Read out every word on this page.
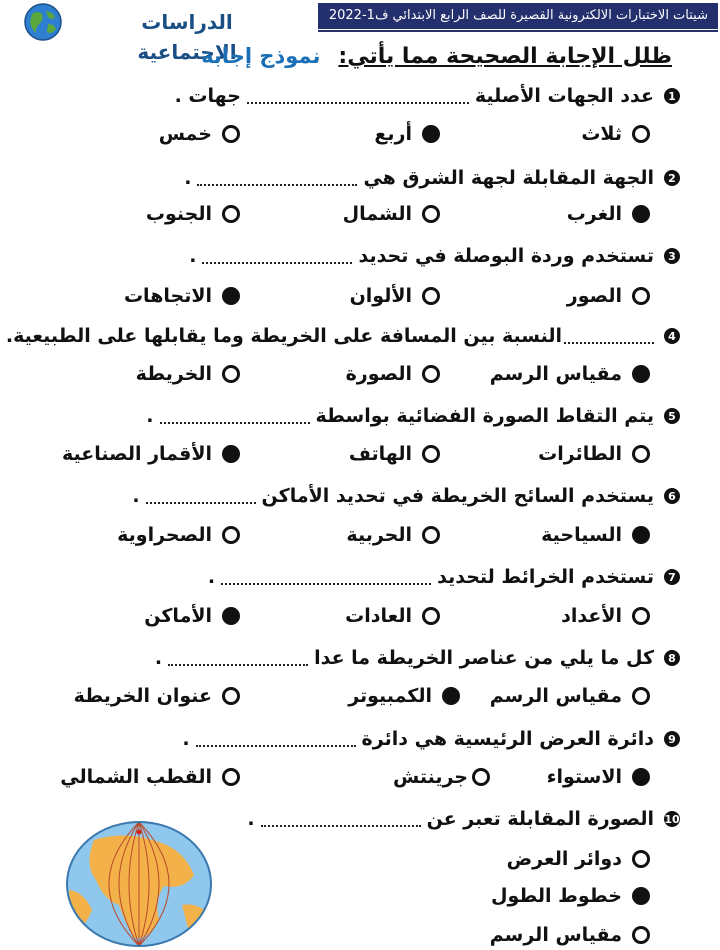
الدراسات الاجتماعية
شيتات الاختبارات الالكترونية القصيرة للصف الرابع الابتدائي ف1-2022
ظلل الإجابة الصحيحة مما يأتي:
نموذج إجابة
1
عدد الجهات الأصلية
جهات .
ثلاث
أربع
خمس
2
الجهة المقابلة لجهة الشرق هي
.
الغرب
الشمال
الجنوب
3
تستخدم وردة البوصلة في تحديد
.
الصور
الألوان
الاتجاهات
4
النسبة بين المسافة على الخريطة وما يقابلها على الطبيعية.
مقياس الرسم
الصورة
الخريطة
5
يتم التقاط الصورة الفضائية بواسطة
.
الطائرات
الهاتف
الأقمار الصناعية
6
يستخدم السائح الخريطة في تحديد الأماكن
.
السياحية
الحربية
الصحراوية
7
تستخدم الخرائط لتحديد
.
الأعداد
العادات
الأماكن
8
كل ما يلي من عناصر الخريطة ما عدا
.
مقياس الرسم
الكمبيوتر
عنوان الخريطة
9
دائرة العرض الرئيسية هي دائرة
.
الاستواء
جرينتش
القطب الشمالي
10
الصورة المقابلة تعبر عن
.
دوائر العرض
خطوط الطول
مقياس الرسم
